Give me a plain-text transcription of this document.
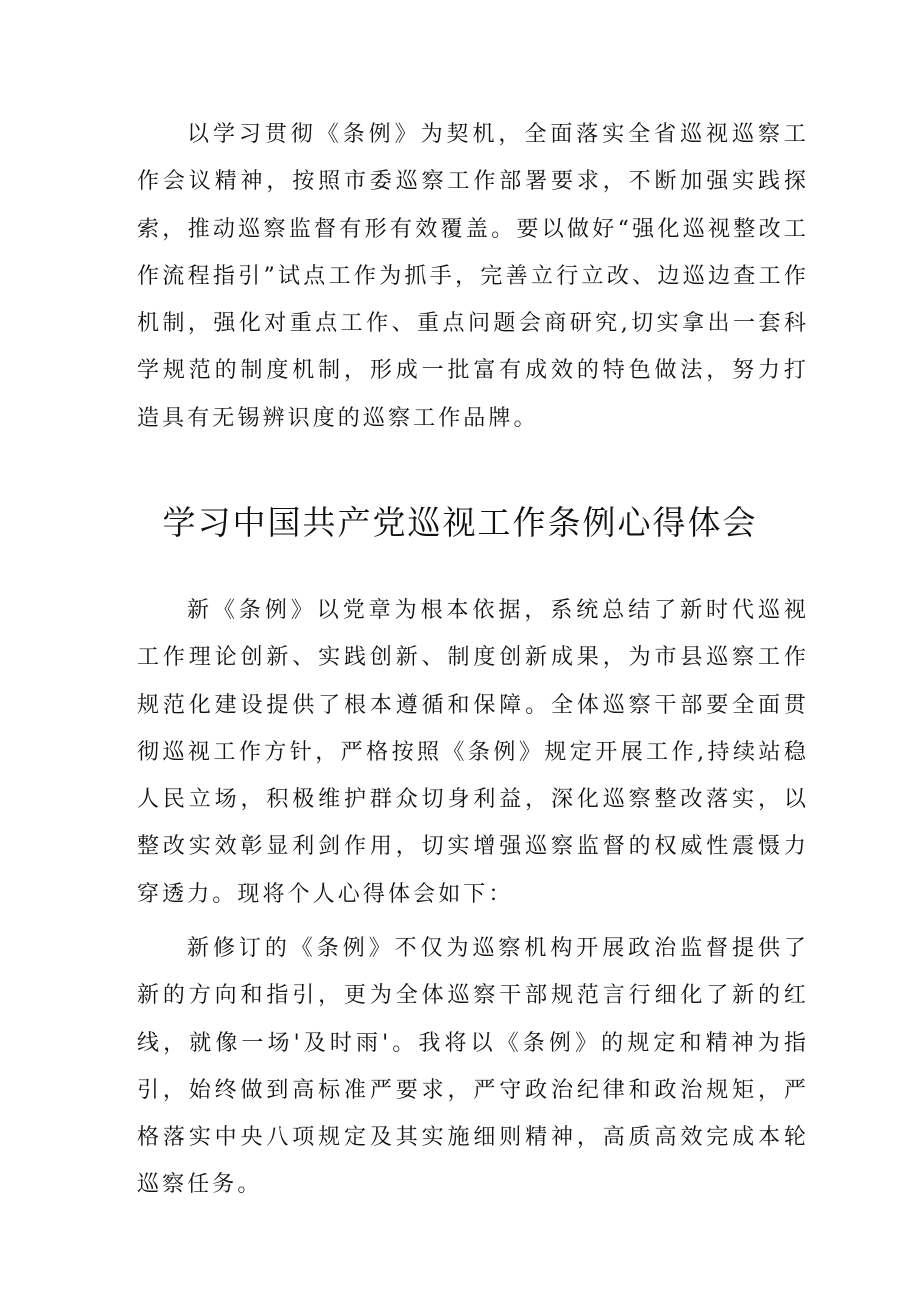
以学习贯彻《条例》为契机，全面落实全省巡视巡察工作会议精神，按照市委巡察工作部署要求，不断加强实践探索，推动巡察监督有形有效覆盖。要以做好“强化巡视整改工作流程指引”试点工作为抓手，完善立行立改、边巡边查工作机制，强化对重点工作、重点问题会商研究,切实拿出一套科学规范的制度机制，形成一批富有成效的特色做法，努力打造具有无锡辨识度的巡察工作品牌。

学习中国共产党巡视工作条例心得体会

新《条例》以党章为根本依据，系统总结了新时代巡视工作理论创新、实践创新、制度创新成果，为市县巡察工作规范化建设提供了根本遵循和保障。全体巡察干部要全面贯彻巡视工作方针，严格按照《条例》规定开展工作,持续站稳人民立场，积极维护群众切身利益，深化巡察整改落实，以整改实效彰显利剑作用，切实增强巡察监督的权威性震慑力穿透力。现将个人心得体会如下：

新修订的《条例》不仅为巡察机构开展政治监督提供了新的方向和指引，更为全体巡察干部规范言行细化了新的红线，就像一场'及时雨'。我将以《条例》的规定和精神为指引，始终做到高标准严要求，严守政治纪律和政治规矩，严格落实中央八项规定及其实施细则精神，高质高效完成本轮巡察任务。
